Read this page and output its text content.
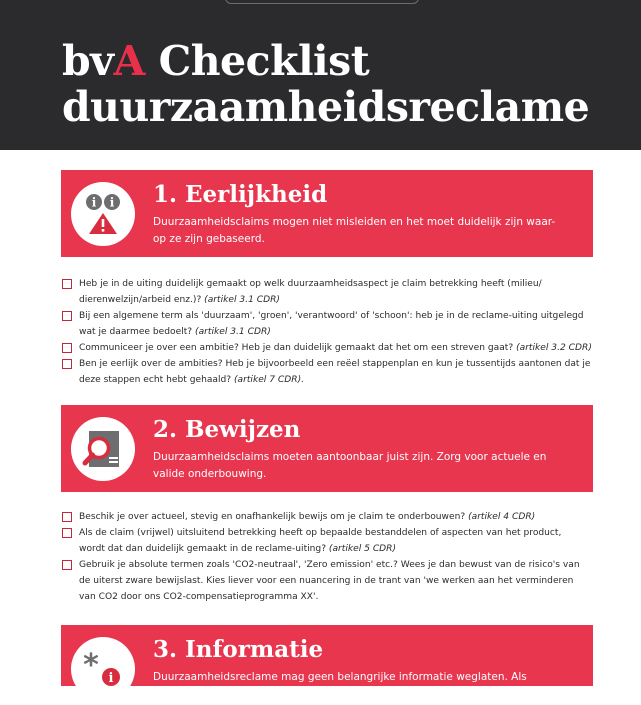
bvA Checklist
duurzaamheidsreclame
i i 1. Eerlijkheid

Duurzaamheidsclaims mogen niet misleiden en het moet duidelijk zijn waar-
op ze zijn gebaseerd.

Heb je in de uiting duidelijk gemaakt op welk duurzaamheidsaspect je claim betrekking heeft (milieu/
dierenwelzijn/arbeid enz.)? (artikel 3.1 CDR)
Bij een algemene term als 'duurzaam', 'groen', 'verantwoord' of 'schoon': heb je in de reclame-uiting uitgelegd
wat je daarmee bedoelt? (artikel 3.1 CDR)
Communiceer je over een ambitie? Heb je dan duidelijk gemaakt dat het om een streven gaat? (artikel 3.2 CDR)
Ben je eerlijk over de ambities? Heb je bijvoorbeeld een reëel stappenplan en kun je tussentijds aantonen dat je
deze stappen echt hebt gehaald? (artikel 7 CDR).
2. Bewijzen

Duurzaamheidsclaims moeten aantoonbaar juist zijn. Zorg voor actuele en
valide onderbouwing.

Beschik je over actueel, stevig en onafhankelijk bewijs om je claim te onderbouwen? (artikel 4 CDR)
Als de claim (vrijwel) uitsluitend betrekking heeft op bepaalde bestanddelen of aspecten van het product,
wordt dat dan duidelijk gemaakt in de reclame-uiting? (artikel 5 CDR)
Gebruik je absolute termen zoals 'CO2-neutraal', 'Zero emission' etc.? Wees je dan bewust van de risico's van
de uiterst zware bewijslast. Kies liever voor een nuancering in de trant van 'we werken aan het verminderen
van CO2 door ons CO2-compensatieprogramma XX'.
* i
3. Informatie

Duurzaamheidsreclame mag geen belangrijke informatie weglaten. Als
